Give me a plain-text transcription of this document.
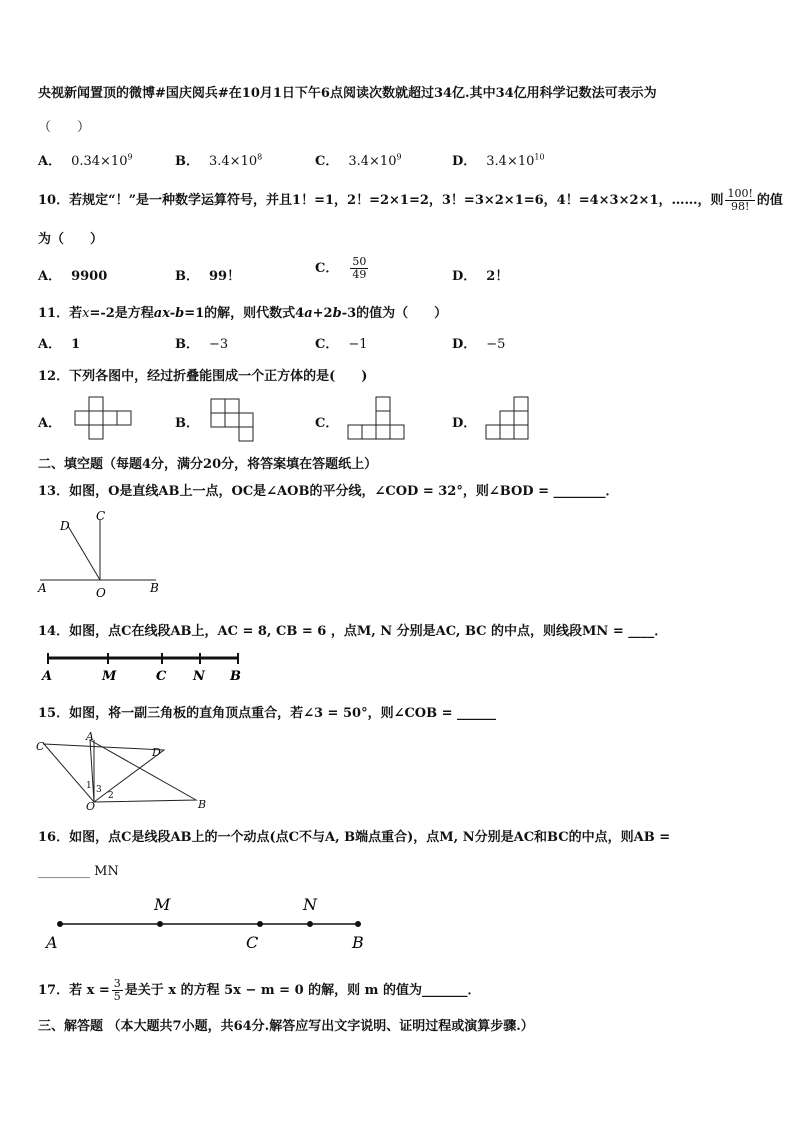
央视新闻置顶的微博#国庆阅兵#在10月1日下午6点阅读次数就超过34亿.其中34亿用科学记数法可表示为
（　　）
A． $0.34\times 10^9$	B． $3.4\times 10^8$	C． $3.4\times 10^9$	D． $3.4\times 10^{10}$
10．若规定“！”是一种数学运算符号，并且1！=1，2！=2×1=2，3！=3×2×1=6，4！=4×3×2×1，……，则 $\frac{100!}{98!}$ 的值
为（　　）
A． 9900	B． 99！
C． $\frac{50}{49}$	D． 2！
11．若x=-2是方程ax-b=1的解，则代数式4a+2b-3的值为（　　）
A． 1	B． −3	C． −1	D． −5
12．下列各图中，经过折叠能围成一个正方体的是(　　)
A．	B．	C．	D．
二、填空题（每题4分，满分20分，将答案填在答题纸上）
13．如图，O是直线AB上一点，OC是∠AOB的平分线，∠COD = 32°，则∠BOD = ________．
D
C
A	O	B
14．如图，点C在线段AB上，AC = 8, CB = 6 ，点M, N 分别是AC, BC 的中点，则线段MN = ____．
A	M	C N B
15．如图，将一副三角板的直角顶点重合，若∠3 = 50°，则∠COB = ______
C
A
D
O	B
1 3
2
16．如图，点C是线段AB上的一个动点(点C不与A, B端点重合)，点M, N分别是AC和BC的中点，则AB =
________ MN
M	N
A	C	B
17．若 $x = \frac{3}{5}$ 是关于 x 的方程 5x − m = 0 的解，则 m 的值为_______．
三、解答题 （本大题共7小题，共64分.解答应写出文字说明、证明过程或演算步骤.）
